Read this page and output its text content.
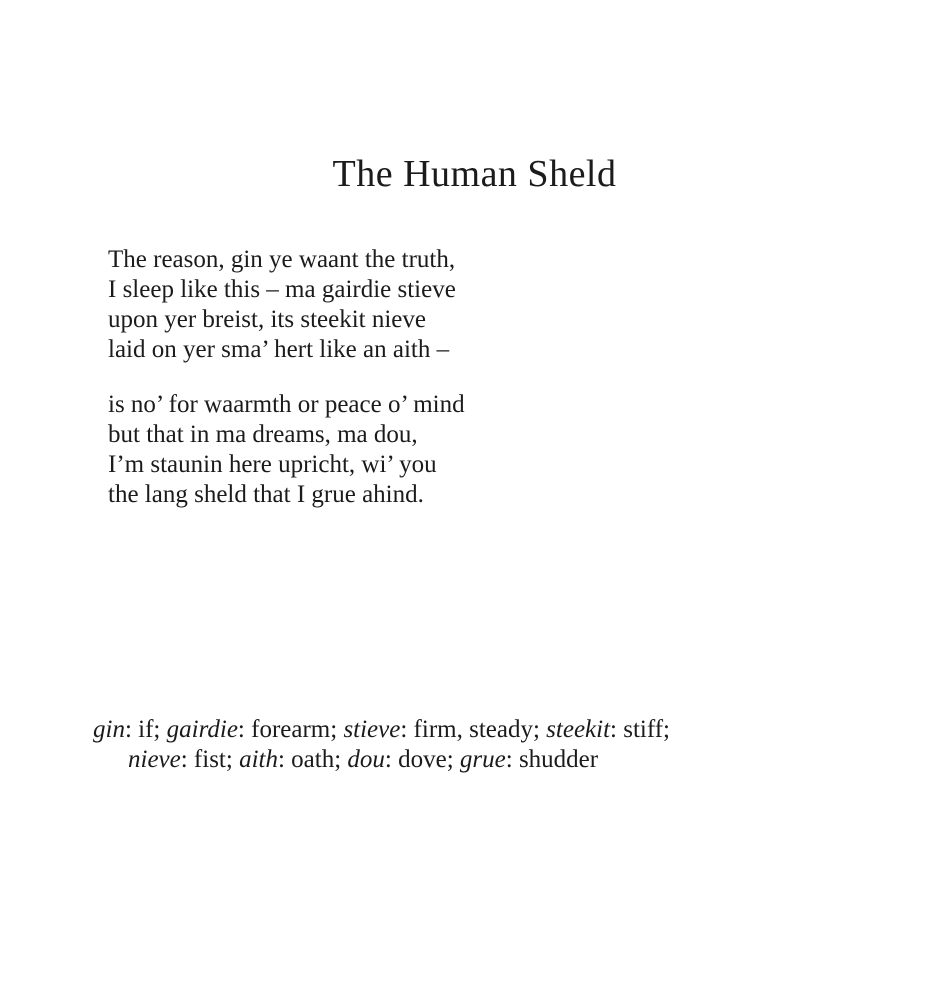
The Human Sheld
The reason, gin ye waant the truth,
I sleep like this – ma gairdie stieve
upon yer breist, its steekit nieve
laid on yer sma’ hert like an aith –
is no’ for waarmth or peace o’ mind
but that in ma dreams, ma dou,
I’m staunin here upricht, wi’ you
the lang sheld that I grue ahind.
gin: if; gairdie: forearm; stieve: firm, steady; steekit: stiff;
nieve: fist; aith: oath; dou: dove; grue: shudder
